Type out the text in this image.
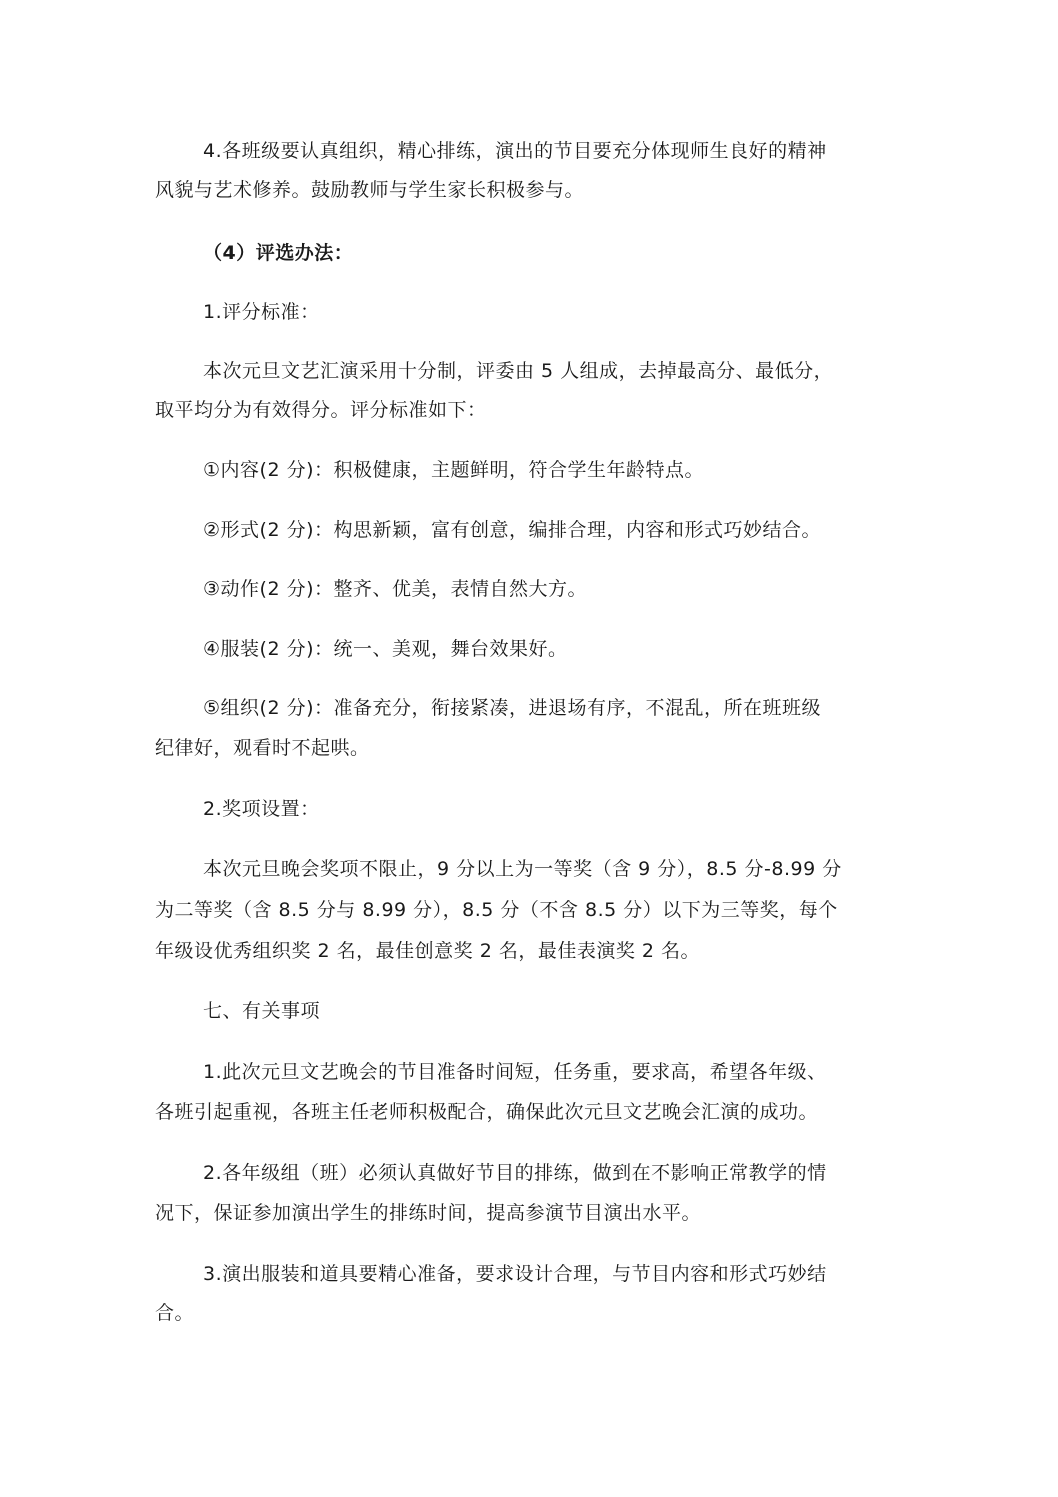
4.各班级要认真组织，精心排练，演出的节目要充分体现师生良好的精神
风貌与艺术修养。鼓励教师与学生家长积极参与。
（4）评选办法：
1.评分标准：
本次元旦文艺汇演采用十分制，评委由 5 人组成，去掉最高分、最低分，
取平均分为有效得分。评分标准如下：
①内容(2 分)：积极健康，主题鲜明，符合学生年龄特点。
②形式(2 分)：构思新颖，富有创意，编排合理，内容和形式巧妙结合。
③动作(2 分)：整齐、优美，表情自然大方。
④服装(2 分)：统一、美观，舞台效果好。
⑤组织(2 分)：准备充分，衔接紧凑，进退场有序，不混乱，所在班班级
纪律好，观看时不起哄。
2.奖项设置：
本次元旦晚会奖项不限止，9 分以上为一等奖（含 9 分），8.5 分-8.99 分
为二等奖（含 8.5 分与 8.99 分），8.5 分（不含 8.5 分）以下为三等奖，每个
年级设优秀组织奖 2 名，最佳创意奖 2 名，最佳表演奖 2 名。
七、有关事项
1.此次元旦文艺晚会的节目准备时间短，任务重，要求高，希望各年级、
各班引起重视，各班主任老师积极配合，确保此次元旦文艺晚会汇演的成功。
2.各年级组（班）必须认真做好节目的排练，做到在不影响正常教学的情
况下，保证参加演出学生的排练时间，提高参演节目演出水平。
3.演出服装和道具要精心准备，要求设计合理，与节目内容和形式巧妙结
合。
